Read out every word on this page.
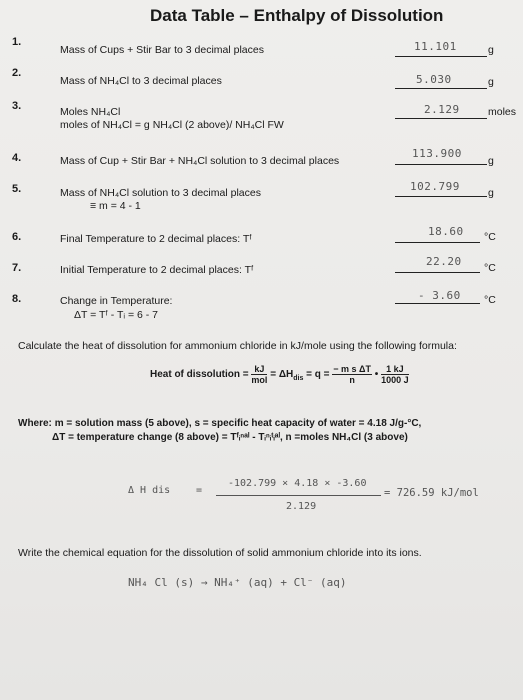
Data Table – Enthalpy of Dissolution
1.
Mass of Cups + Stir Bar to 3 decimal places	11.101	g
2.
Mass of NH₄Cl to 3 decimal places	5.030	g
3.	Moles NH₄Cl
moles of NH₄Cl = g NH₄Cl (2 above)/ NH₄Cl FW
2.129	moles
4.	Mass of Cup + Stir Bar + NH₄Cl solution to 3 decimal places
113.900
g
5.	Mass of NH₄Cl solution to 3 decimal places
≡ m = 4 - 1
102.799	g
6.	Final Temperature to 2 decimal places: Tᶠ
18.60 °C
7.	Initial Temperature to 2 decimal places: Tᶠ
22.20 °C
8.	Change in Temperature:
ΔT = Tᶠ - Tᵢ = 6 - 7
- 3.60 °C
Calculate the heat of dissolution for ammonium chloride in kJ/mole using the following formula:
Heat of dissolution = $\frac{kJ}{\text{mol}} = \Delta H_{dis} = q = \frac{\text{− m s ΔT}}{n}$ • $\frac{1 kJ}{1000 J}$
Where: m = solution mass (5 above), s = specific heat capacity of water = 4.18 J/g-°C,
ΔT = temperature change (8 above) = Tᶠᵢⁿᵃˡ - Tᵢⁿᵢᵗᵢᵃˡ, n =moles NH₄Cl (3 above)
Δ H dis	=
-102.799 × 4.18 × -3.60
2.129
= 726.59 kJ/mol
Write the chemical equation for the dissolution of solid ammonium chloride into its ions.
NH₄ Cl (s) → NH₄⁺ (aq) + Cl⁻ (aq)
